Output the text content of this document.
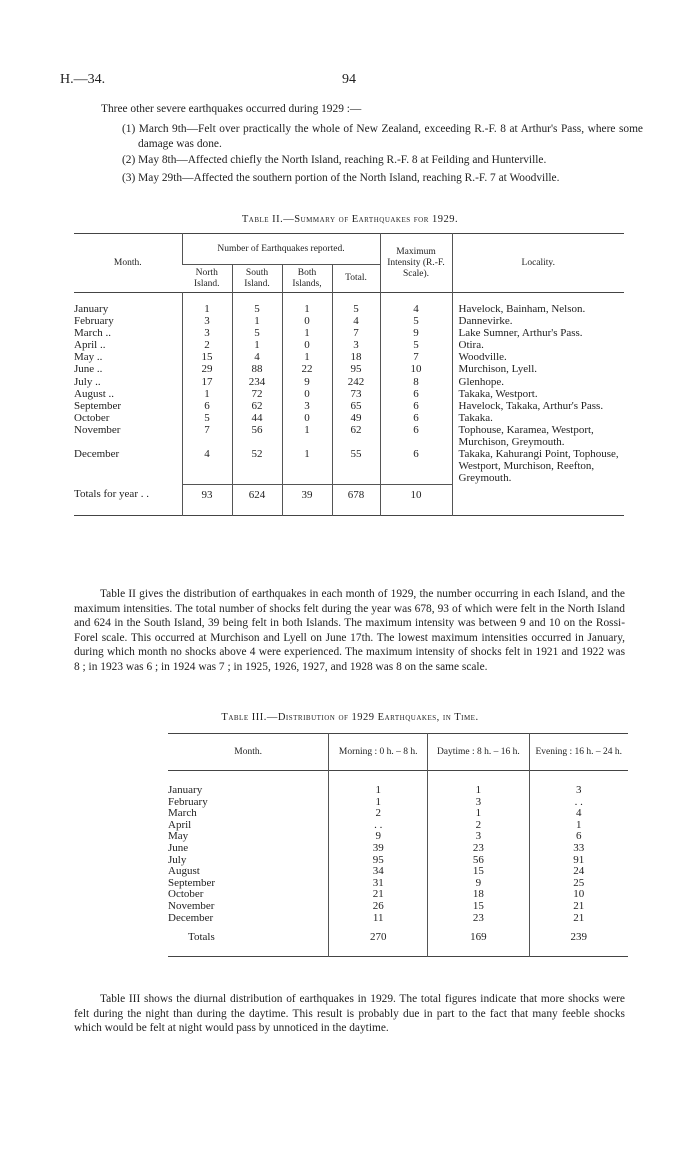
H.—34.	94
Three other severe earthquakes occurred during 1929 :—
(1) March 9th—Felt over practically the whole of New Zealand, exceeding R.-F. 8 at Arthur's Pass, where some damage was done.
(2) May 8th—Affected chiefly the North Island, reaching R.-F. 8 at Feilding and Hunterville.
(3) May 29th—Affected the southern portion of the North Island, reaching R.-F. 7 at Woodville.
Table II.—Summary of Earthquakes for 1929.
Month.	Number of Earthquakes reported.				Maximum Intensity (R.-F. Scale).	Locality.
	North Island.	South Island.	Both Islands,	Total.		
January	1	5	1	5	4	Havelock, Bainham, Nelson.
February	3	1	0	4	5	Dannevirke.
March ..	3	5	1	7	9	Lake Sumner, Arthur's Pass.
April ..	2	1	0	3	5	Otira.
May ..	15	4	1	18	7	Woodville.
June ..	29	88	22	95	10	Murchison, Lyell.
July ..	17	234	9	242	8	Glenhope.
August ..	1	72	0	73	6	Takaka, Westport.
September	6	62	3	65	6	Havelock, Takaka, Arthur's Pass.
October	5	44	0	49	6	Takaka.
November	7	56	1	62	6	Tophouse, Karamea, Westport, Murchison, Greymouth.
December	4	52	1	55	6	Takaka, Kahurangi Point, Tophouse, Westport, Murchison, Reefton, Greymouth.
Totals for year . .	93	624	39	678	10	
Table II gives the distribution of earthquakes in each month of 1929, the number occurring in each Island, and the maximum intensities. The total number of shocks felt during the year was 678, 93 of which were felt in the North Island and 624 in the South Island, 39 being felt in both Islands. The maximum intensity was between 9 and 10 on the Rossi-Forel scale. This occurred at Murchison and Lyell on June 17th. The lowest maximum intensities occurred in January, during which month no shocks above 4 were experienced. The maximum intensity of shocks felt in 1921 and 1922 was 8 ; in 1923 was 6 ; in 1924 was 7 ; in 1925, 1926, 1927, and 1928 was 8 on the same scale.
Table III.—Distribution of 1929 Earthquakes, in Time.
Month.	Morning : 0 h. – 8 h.	Daytime : 8 h. – 16 h.	Evening : 16 h. – 24 h.
January	1	1	3
February	1	3	. .
March	2	1	4
April	. .	2	1
May	9	3	6
June	39	23	33
July	95	56	91
August	34	15	24
September	31	9	25
October	21	18	10
November	26	15	21
December	11	23	21
Totals	270	169	239
Table III shows the diurnal distribution of earthquakes in 1929. The total figures indicate that more shocks were felt during the night than during the daytime. This result is probably due in part to the fact that many feeble shocks which would be felt at night would pass by unnoticed in the daytime.
